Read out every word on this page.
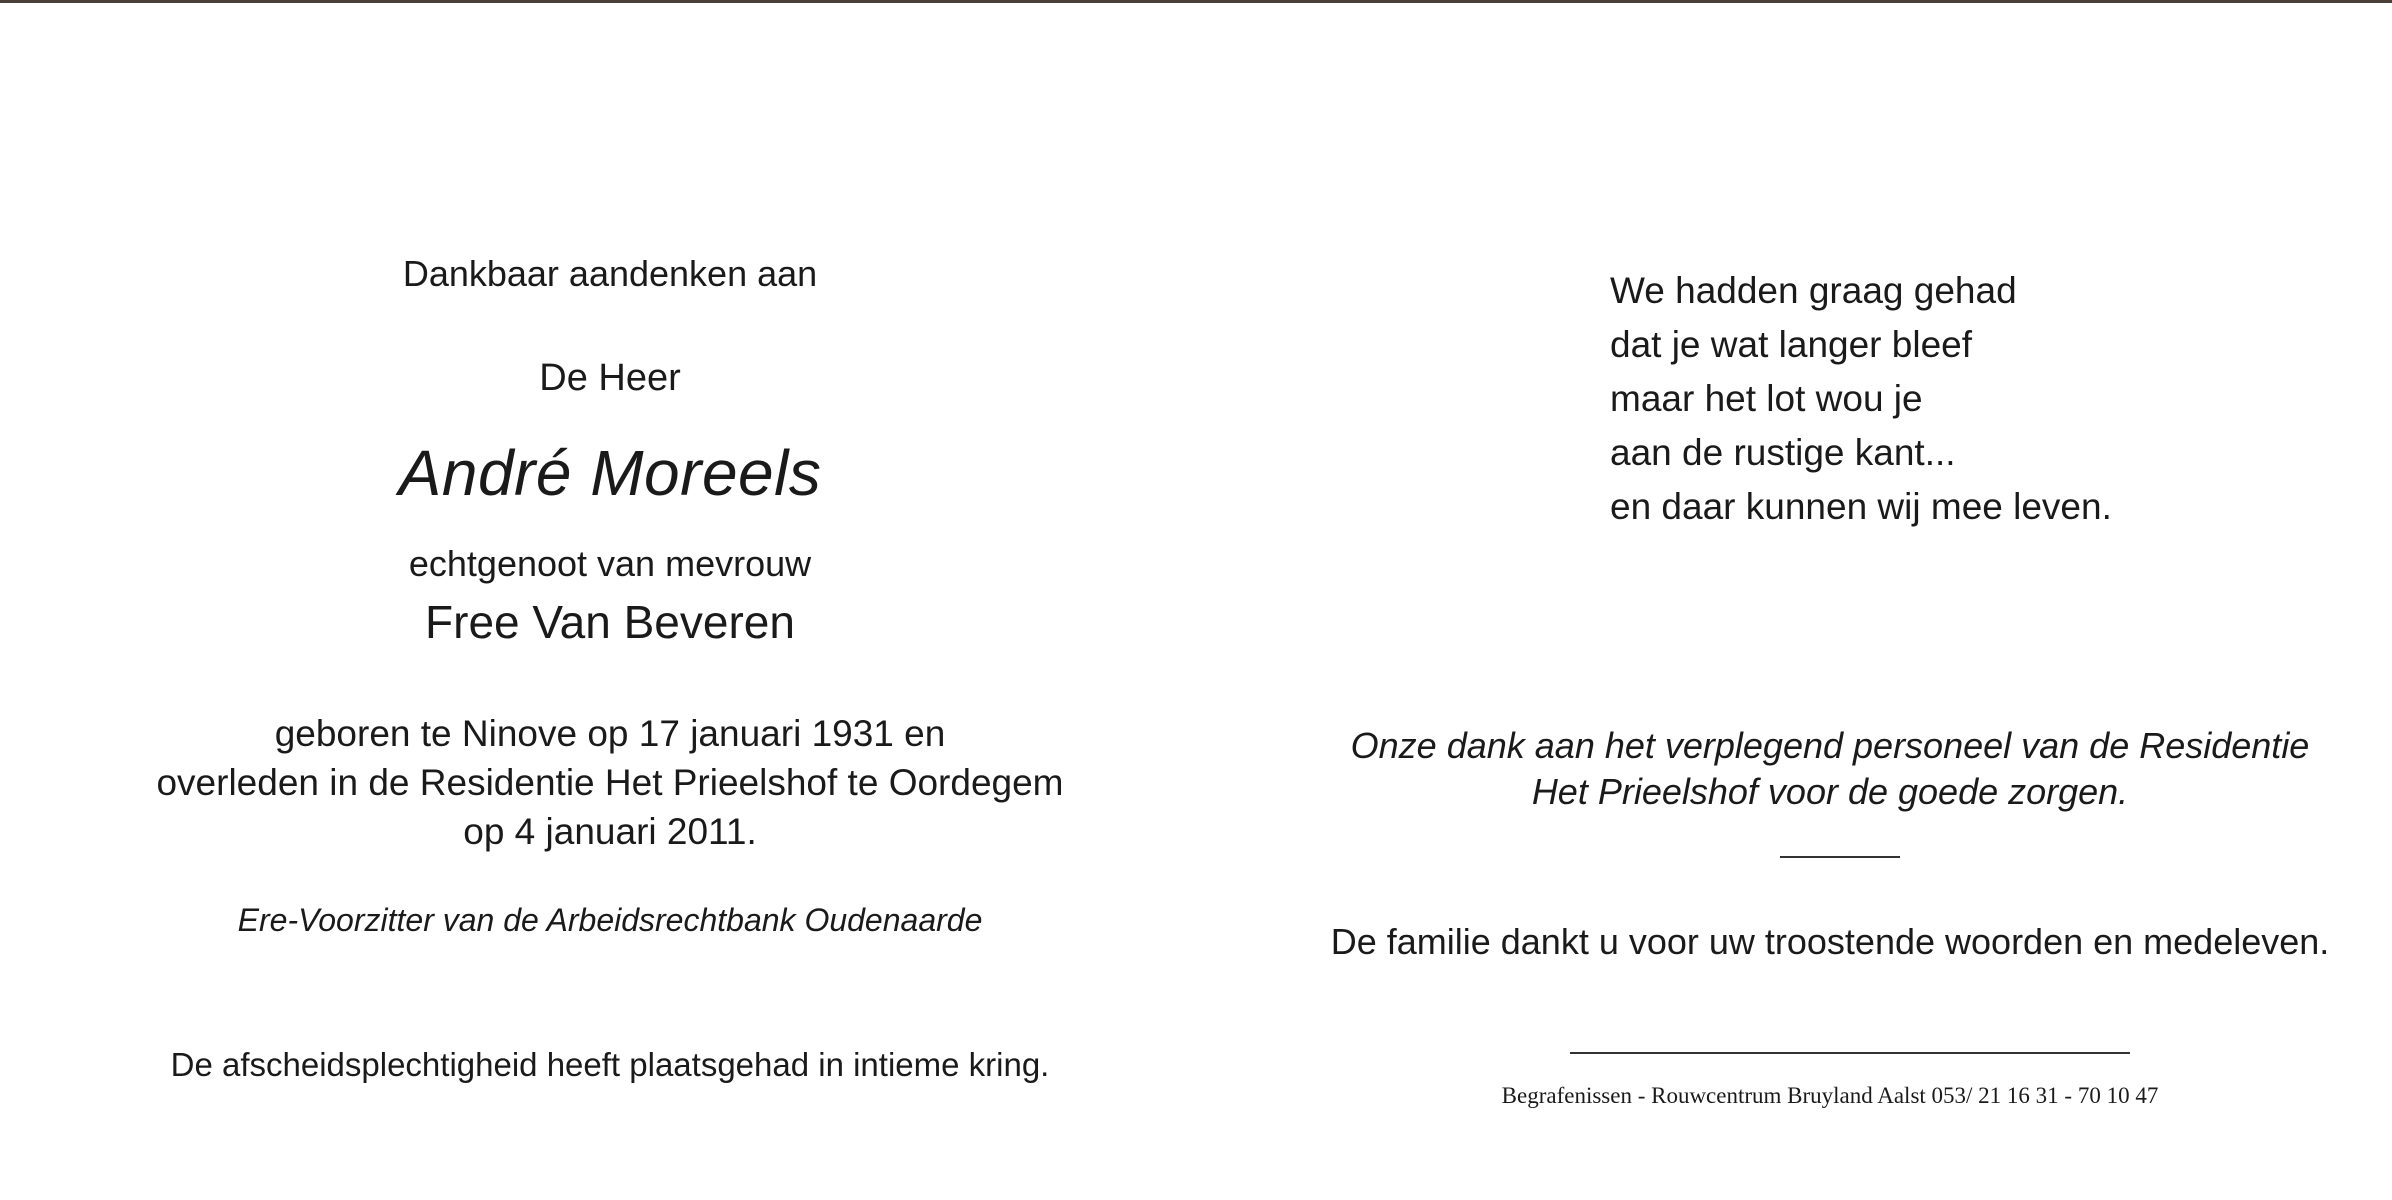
Dankbaar aandenken aan

De Heer

André Moreels

echtgenoot van mevrouw

Free Van Beveren

geboren te Ninove op 17 januari 1931 en
overleden in de Residentie Het Prieelshof te Oordegem
op 4 januari 2011.

Ere-Voorzitter van de Arbeidsrechtbank Oudenaarde

De afscheidsplechtigheid heeft plaatsgehad in intieme kring.

We hadden graag gehad
dat je wat langer bleef
maar het lot wou je
aan de rustige kant...
en daar kunnen wij mee leven.

Onze dank aan het verplegend personeel van de Residentie
Het Prieelshof voor de goede zorgen.

De familie dankt u voor uw troostende woorden en medeleven.

Begrafenissen - Rouwcentrum Bruyland Aalst 053/ 21 16 31 - 70 10 47
